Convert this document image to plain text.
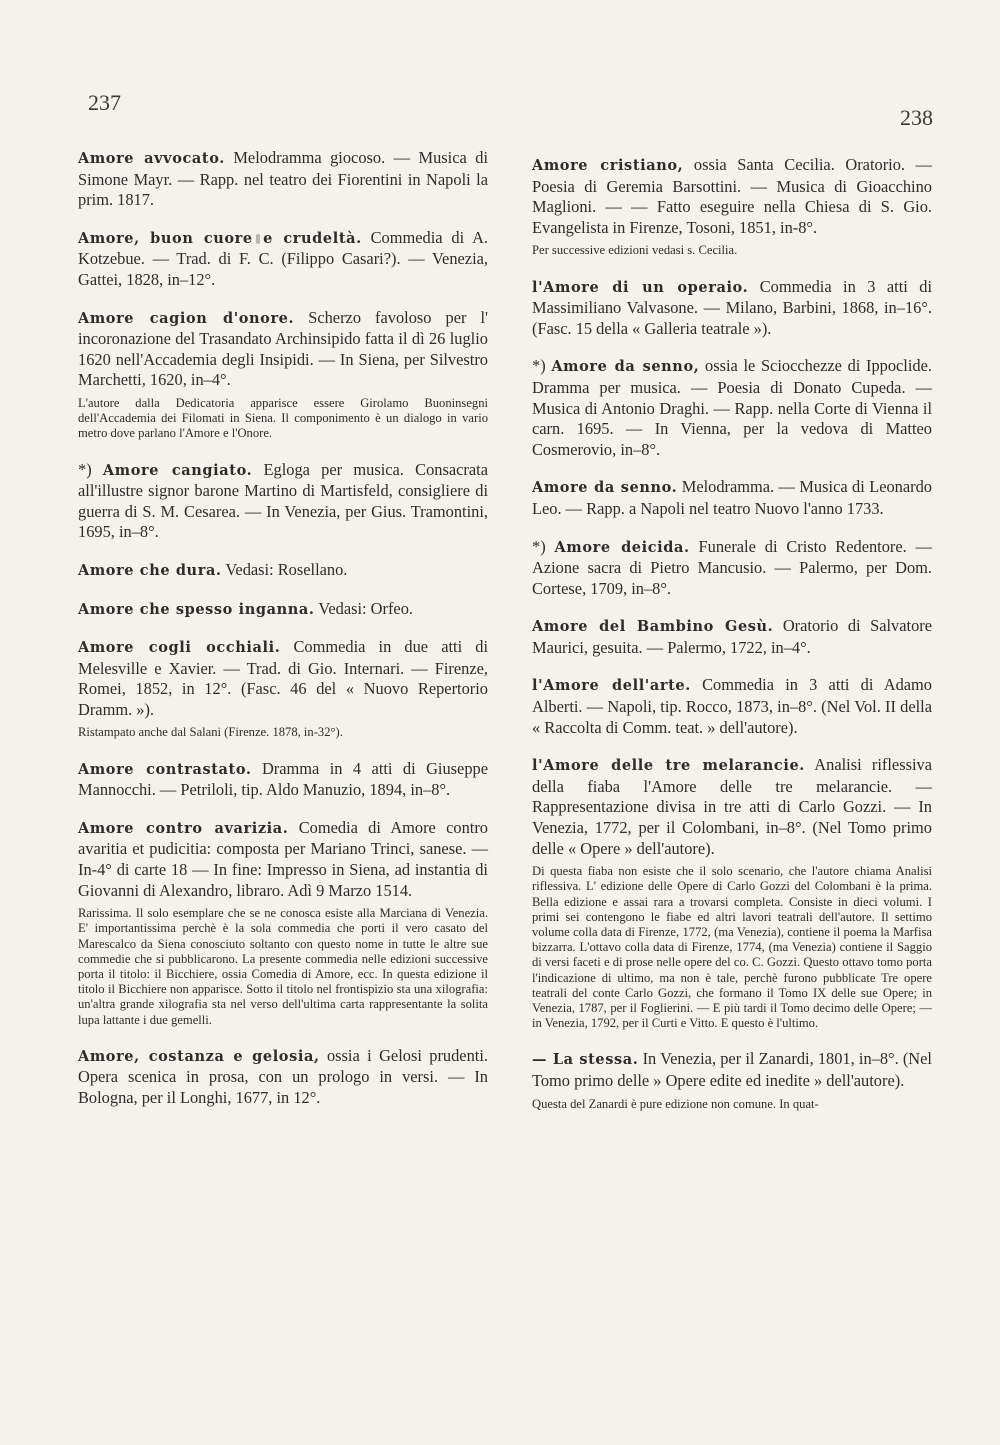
237
238

Amore avvocato. Melodramma giocoso. — Musica di Simone Mayr. — Rapp. nel teatro dei Fiorentini in Napoli la prim. 1817.

Amore, buon cuore e crudeltà. Commedia di A. Kotzebue. — Trad. di F. C. (Filippo Casari?). — Venezia, Gattei, 1828, in–12°.

Amore cagion d'onore. Scherzo favoloso per l' incoronazione del Trasandato Archinsipido fatta il dì 26 luglio 1620 nell'Accademia degli Insipidi. — In Siena, per Silvestro Marchetti, 1620, in–4°.

L'autore dalla Dedicatoria apparisce essere Girolamo Buoninsegni dell'Accademia dei Filomati in Siena. Il componimento è un dialogo in vario metro dove parlano l'Amore e l'Onore.

*) Amore cangiato. Egloga per musica. Consacrata all'illustre signor barone Martino di Martisfeld, consigliere di guerra di S. M. Cesarea. — In Venezia, per Gius. Tramontini, 1695, in–8°.

Amore che dura. Vedasi: Rosellano.

Amore che spesso inganna. Vedasi: Orfeo.

Amore cogli occhiali. Commedia in due atti di Melesville e Xavier. — Trad. di Gio. Internari. — Firenze, Romei, 1852, in 12°. (Fasc. 46 del « Nuovo Repertorio Dramm. »).

Ristampato anche dal Salani (Firenze. 1878, in-32°).

Amore contrastato. Dramma in 4 atti di Giuseppe Mannocchi. — Petriloli, tip. Aldo Manuzio, 1894, in–8°.

Amore contro avarizia. Comedia di Amore contro avaritia et pudicitia: composta per Mariano Trinci, sanese. — In-4° di carte 18 — In fine: Impresso in Siena, ad instantia di Giovanni di Alexandro, libraro. Adì 9 Marzo 1514.

Rarissima. Il solo esemplare che se ne conosca esiste alla Marciana di Venezia. E' importantissima perchè è la sola commedia che porti il vero casato del Marescalco da Siena conosciuto soltanto con questo nome in tutte le altre sue commedie che si pubblicarono. La presente commedia nelle edizioni successive porta il titolo: il Bicchiere, ossia Comedia di Amore, ecc. In questa edizione il titolo il Bicchiere non apparisce. Sotto il titolo nel frontispizio sta una xilografia: un'altra grande xilografia sta nel verso dell'ultima carta rappresentante la solita lupa lattante i due gemelli.

Amore, costanza e gelosia, ossia i Gelosi prudenti. Opera scenica in prosa, con un prologo in versi. — In Bologna, per il Longhi, 1677, in 12°.

Amore cristiano, ossia Santa Cecilia. Oratorio. — Poesia di Geremia Barsottini. — Musica di Gioacchino Maglioni. — — Fatto eseguire nella Chiesa di S. Gio. Evangelista in Firenze, Tosoni, 1851, in-8°.

Per successive edizioni vedasi s. Cecilia.

l'Amore di un operaio. Commedia in 3 atti di Massimiliano Valvasone. — Milano, Barbini, 1868, in–16°. (Fasc. 15 della « Galleria teatrale »).

*) Amore da senno, ossia le Sciocchezze di Ippoclide. Dramma per musica. — Poesia di Donato Cupeda. — Musica di Antonio Draghi. — Rapp. nella Corte di Vienna il carn. 1695. — In Vienna, per la vedova di Matteo Cosmerovio, in–8°.

Amore da senno. Melodramma. — Musica di Leonardo Leo. — Rapp. a Napoli nel teatro Nuovo l'anno 1733.

*) Amore deicida. Funerale di Cristo Redentore. — Azione sacra di Pietro Mancusio. — Palermo, per Dom. Cortese, 1709, in–8°.

Amore del Bambino Gesù. Oratorio di Salvatore Maurici, gesuita. — Palermo, 1722, in–4°.

l'Amore dell'arte. Commedia in 3 atti di Adamo Alberti. — Napoli, tip. Rocco, 1873, in–8°. (Nel Vol. II della « Raccolta di Comm. teat. » dell'autore).

l'Amore delle tre melarancie. Analisi riflessiva della fiaba l'Amore delle tre melarancie. — Rappresentazione divisa in tre atti di Carlo Gozzi. — In Venezia, 1772, per il Colombani, in–8°. (Nel Tomo primo delle « Opere » dell'autore).

Di questa fiaba non esiste che il solo scenario, che l'autore chiama Analisi riflessiva. L' edizione delle Opere di Carlo Gozzi del Colombani è la prima. Bella edizione e assai rara a trovarsi completa. Consiste in dieci volumi. I primi sei contengono le fiabe ed altri lavori teatrali dell'autore. Il settimo volume colla data di Firenze, 1772, (ma Venezia), contiene il poema la Marfisa bizzarra. L'ottavo colla data di Firenze, 1774, (ma Venezia) contiene il Saggio di versi faceti e di prose nelle opere del co. C. Gozzi. Questo ottavo tomo porta l'indicazione di ultimo, ma non è tale, perchè furono pubblicate Tre opere teatrali del conte Carlo Gozzi, che formano il Tomo IX delle sue Opere; in Venezia, 1787, per il Foglierini. — E più tardi il Tomo decimo delle Opere; — in Venezia, 1792, per il Curti e Vitto. E questo è l'ultimo.

— La stessa. In Venezia, per il Zanardi, 1801, in–8°. (Nel Tomo primo delle » Opere edite ed inedite » dell'autore).

Questa del Zanardi è pure edizione non comune. In quat-
